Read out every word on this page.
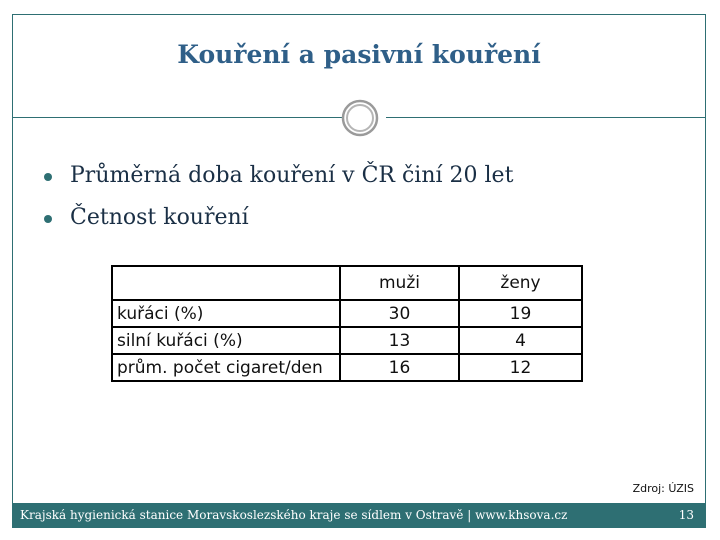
Kouření a pasivní kouření
Průměrná doba kouření v ČR činí 20 let
Četnost kouření
	muži	ženy
kuřáci (%)	30	19
silní kuřáci (%)	13	4
prům. počet cigaret/den	16	12
Zdroj: ÚZIS
Krajská hygienická stanice Moravskoslezského kraje se sídlem v Ostravě | www.khsova.cz	13
